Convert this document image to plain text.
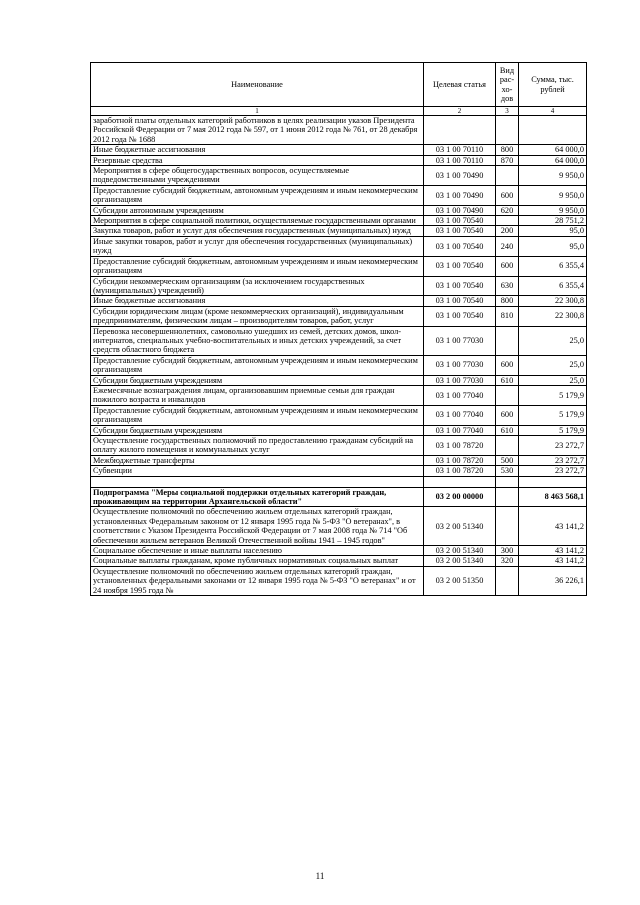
Наименование	Целевая статья	Вид рас-хо-дов	Сумма, тыс. рублей
1	2	3	4
заработной платы отдельных категорий работников в целях реализации указов Президента Российской Федерации от 7 мая 2012 года № 597, от 1 июня 2012 года № 761, от 28 декабря 2012 года № 1688			
Иные бюджетные ассигнования	03 1 00 70110	800	64 000,0
Резервные средства	03 1 00 70110	870	64 000,0
Мероприятия в сфере общегосударственных вопросов, осуществляемые подведомственными учреждениями	03 1 00 70490		9 950,0
Предоставление субсидий бюджетным, автономным учреждениям и иным некоммерческим организациям	03 1 00 70490	600	9 950,0
Субсидии автономным учреждениям	03 1 00 70490	620	9 950,0
Мероприятия в сфере социальной политики, осуществляемые государственными органами	03 1 00 70540		28 751,2
Закупка товаров, работ и услуг для обеспечения государственных (муниципальных) нужд	03 1 00 70540	200	95,0
Иные закупки товаров, работ и услуг для обеспечения государственных (муниципальных) нужд	03 1 00 70540	240	95,0
Предоставление субсидий бюджетным, автономным учреждениям и иным некоммерческим организациям	03 1 00 70540	600	6 355,4
Субсидии некоммерческим организациям (за исключением государственных (муниципальных) учреждений)	03 1 00 70540	630	6 355,4
Иные бюджетные ассигнования	03 1 00 70540	800	22 300,8
Субсидии юридическим лицам (кроме некоммерческих организаций), индивидуальным предпринимателям, физическим лицам – производителям товаров, работ, услуг	03 1 00 70540	810	22 300,8
Перевозка несовершеннолетних, самовольно ушедших из семей, детских домов, школ-интернатов, специальных учебно-воспитательных и иных детских учреждений, за счет средств областного бюджета	03 1 00 77030		25,0
Предоставление субсидий бюджетным, автономным учреждениям и иным некоммерческим организациям	03 1 00 77030	600	25,0
Субсидии бюджетным учреждениям	03 1 00 77030	610	25,0
Ежемесячные вознаграждения лицам, организовавшим приемные семьи для граждан пожилого возраста и инвалидов	03 1 00 77040		5 179,9
Предоставление субсидий бюджетным, автономным учреждениям и иным некоммерческим организациям	03 1 00 77040	600	5 179,9
Субсидии бюджетным учреждениям	03 1 00 77040	610	5 179,9
Осуществление государственных полномочий по предоставлению гражданам субсидий на оплату жилого помещения и коммунальных услуг	03 1 00 78720		23 272,7
Межбюджетные трансферты	03 1 00 78720	500	23 272,7
Субвенции	03 1 00 78720	530	23 272,7

Подпрограмма "Меры социальной поддержки отдельных категорий граждан, проживающим на территории Архангельской области"	03 2 00 00000		8 463 568,1
Осуществление полномочий по обеспечению жильем отдельных категорий граждан, установленных Федеральным законом от 12 января 1995 года № 5-ФЗ "О ветеранах", в соответствии с Указом Президента Российской Федерации от 7 мая 2008 года № 714 "Об обеспечении жильем ветеранов Великой Отечественной войны 1941 – 1945 годов"	03 2 00 51340		43 141,2
Социальное обеспечение и иные выплаты населению	03 2 00 51340	300	43 141,2
Социальные выплаты гражданам, кроме публичных нормативных социальных выплат	03 2 00 51340	320	43 141,2
Осуществление полномочий по обеспечению жильем отдельных категорий граждан, установленных федеральными законами от 12 января 1995 года № 5-ФЗ "О ветеранах" и от 24 ноября 1995 года №	03 2 00 51350		36 226,1
11
